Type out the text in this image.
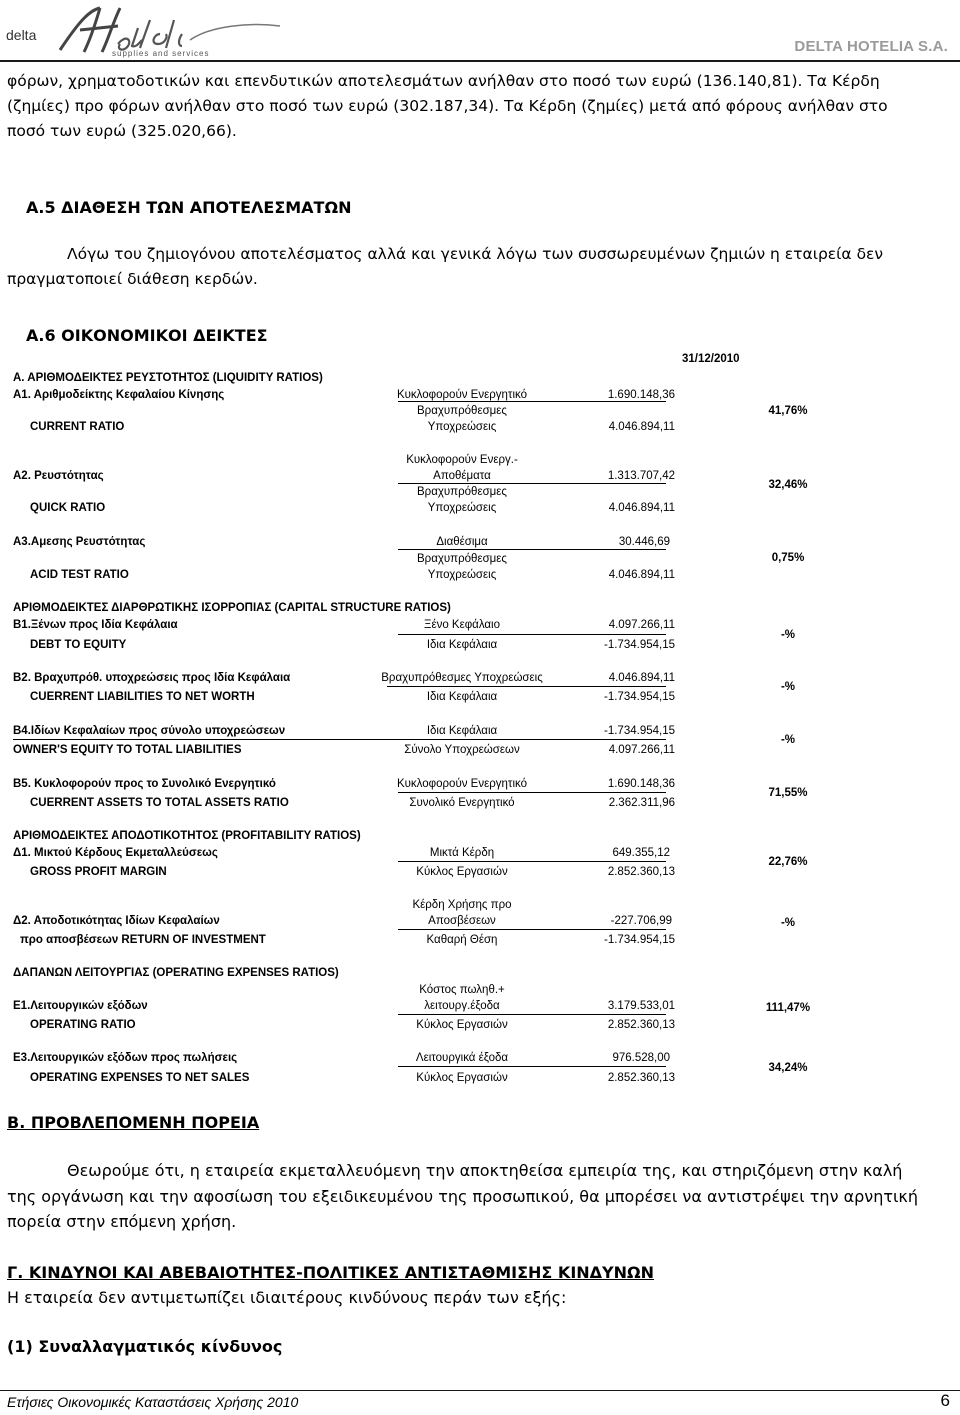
delta
supplies and services	DELTA HOTELIA S.A.
φόρων, χρηματοδοτικών και επενδυτικών αποτελεσμάτων ανήλθαν στο ποσό των ευρώ (136.140,81). Τα Κέρδη
(ζημίες) προ φόρων ανήλθαν στο ποσό των ευρώ (302.187,34). Τα Κέρδη (ζημίες) μετά από φόρους ανήλθαν στο
ποσό των ευρώ (325.020,66).
Α.5 ΔΙΑΘΕΣΗ ΤΩΝ ΑΠΟΤΕΛΕΣΜΑΤΩΝ
Λόγω του ζημιογόνου αποτελέσματος αλλά και γενικά λόγω των συσσωρευμένων ζημιών η εταιρεία δεν
πραγματοποιεί διάθεση κερδών.
Α.6 ΟΙΚΟΝΟΜΙΚΟΙ ΔΕΙΚΤΕΣ
31/12/2010
Α. ΑΡΙΘΜΟΔΕΙΚΤΕΣ ΡΕΥΣΤΟΤΗΤΟΣ (LIQUIDITY RATIOS)
Α1. Αριθμοδείκτης Κεφαλαίου Κίνησης
CURRENT RATIO
Κυκλοφορούν Ενεργητικό
Βραχυπρόθεσμες
Υποχρεώσεις
1.690.148,36
4.046.894,11
41,76%
Α2. Ρευστότητας
QUICK RATIO
Κυκλοφορούν Ενεργ.-
Αποθέματα
Βραχυπρόθεσμες
Υποχρεώσεις
1.313.707,42
4.046.894,11
32,46%
Α3.Αμεσης Ρευστότητας
ACID TEST RATIO
Διαθέσιμα
Βραχυπρόθεσμες
Υποχρεώσεις
30.446,69
4.046.894,11
0,75%
ΑΡΙΘΜΟΔΕΙΚΤΕΣ ΔΙΑΡΘΡΩΤΙΚΗΣ ΙΣΟΡΡΟΠΙΑΣ (CAPITAL STRUCTURE RATIOS)
Β1.Ξένων προς Ιδία Κεφάλαια
DEBT TO EQUITY
Ξένο Κεφάλαιο
Ιδια Κεφάλαια
4.097.266,11
-1.734.954,15
-%
Β2. Βραχυπρόθ. υποχρεώσεις προς Ιδία Κεφάλαια
CUERRENT LIABILITIES TO NET WORTH
Βραχυπρόθεσμες Υποχρεώσεις
Ιδια Κεφάλαια
4.046.894,11
-1.734.954,15
-%
Β4.Ιδίων Κεφαλαίων προς σύνολο υποχρεώσεων
OWNER'S EQUITY TO TOTAL LIABILITIES
Ιδια Κεφάλαια
Σύνολο Υποχρεώσεων
-1.734.954,15
4.097.266,11
-%
Β5. Κυκλοφορούν προς το Συνολικό Ενεργητικό
CUERRENT ASSETS TO TOTAL ASSETS RATIO
Κυκλοφορούν Ενεργητικό
Συνολικό Ενεργητικό
1.690.148,36
2.362.311,96
71,55%
ΑΡΙΘΜΟΔΕΙΚΤΕΣ ΑΠΟΔΟΤΙΚΟΤΗΤΟΣ (PROFITABILITY RATIOS)
Δ1. Μικτού Κέρδους Εκμεταλλεύσεως
GROSS PROFIT MARGIN
Μικτά Κέρδη
Κύκλος Εργασιών
649.355,12
2.852.360,13
22,76%
Δ2. Αποδοτικότητας Ιδίων Κεφαλαίων
προ αποσβέσεων RETURN OF INVESTMENT
Κέρδη Χρήσης προ
Αποσβέσεων
Καθαρή Θέση
-227.706,99
-1.734.954,15
-%
ΔΑΠΑΝΩΝ ΛΕΙΤΟΥΡΓΙΑΣ (OPERATING EXPENSES RATIOS)
Ε1.Λειτουργικών εξόδων
OPERATING RATIO
Κόστος πωληθ.+
λειτουργ.έξοδα
Κύκλος Εργασιών
3.179.533,01
2.852.360,13
111,47%
Ε3.Λειτουργικών εξόδων προς πωλήσεις
OPERATING EXPENSES TO NET SALES
Λειτουργικά έξοδα
Κύκλος Εργασιών
976.528,00
2.852.360,13
34,24%
Β. ΠΡΟΒΛΕΠΟΜΕΝΗ ΠΟΡΕΙΑ
Θεωρούμε ότι, η εταιρεία εκμεταλλευόμενη την αποκτηθείσα εμπειρία της, και στηριζόμενη στην καλή
της οργάνωση και την αφοσίωση του εξειδικευμένου της προσωπικού, θα μπορέσει να αντιστρέψει την αρνητική
πορεία στην επόμενη χρήση.
Γ. ΚΙΝΔΥΝΟΙ ΚΑΙ ΑΒΕΒΑΙΟΤΗΤΕΣ-ΠΟΛΙΤΙΚΕΣ ΑΝΤΙΣΤΑΘΜΙΣΗΣ ΚΙΝΔΥΝΩΝ
Η εταιρεία δεν αντιμετωπίζει ιδιαιτέρους κινδύνους περάν των εξής:
(1) Συναλλαγματικός κίνδυνος
Ετήσιες Οικονομικές Καταστάσεις Χρήσης 2010	6
